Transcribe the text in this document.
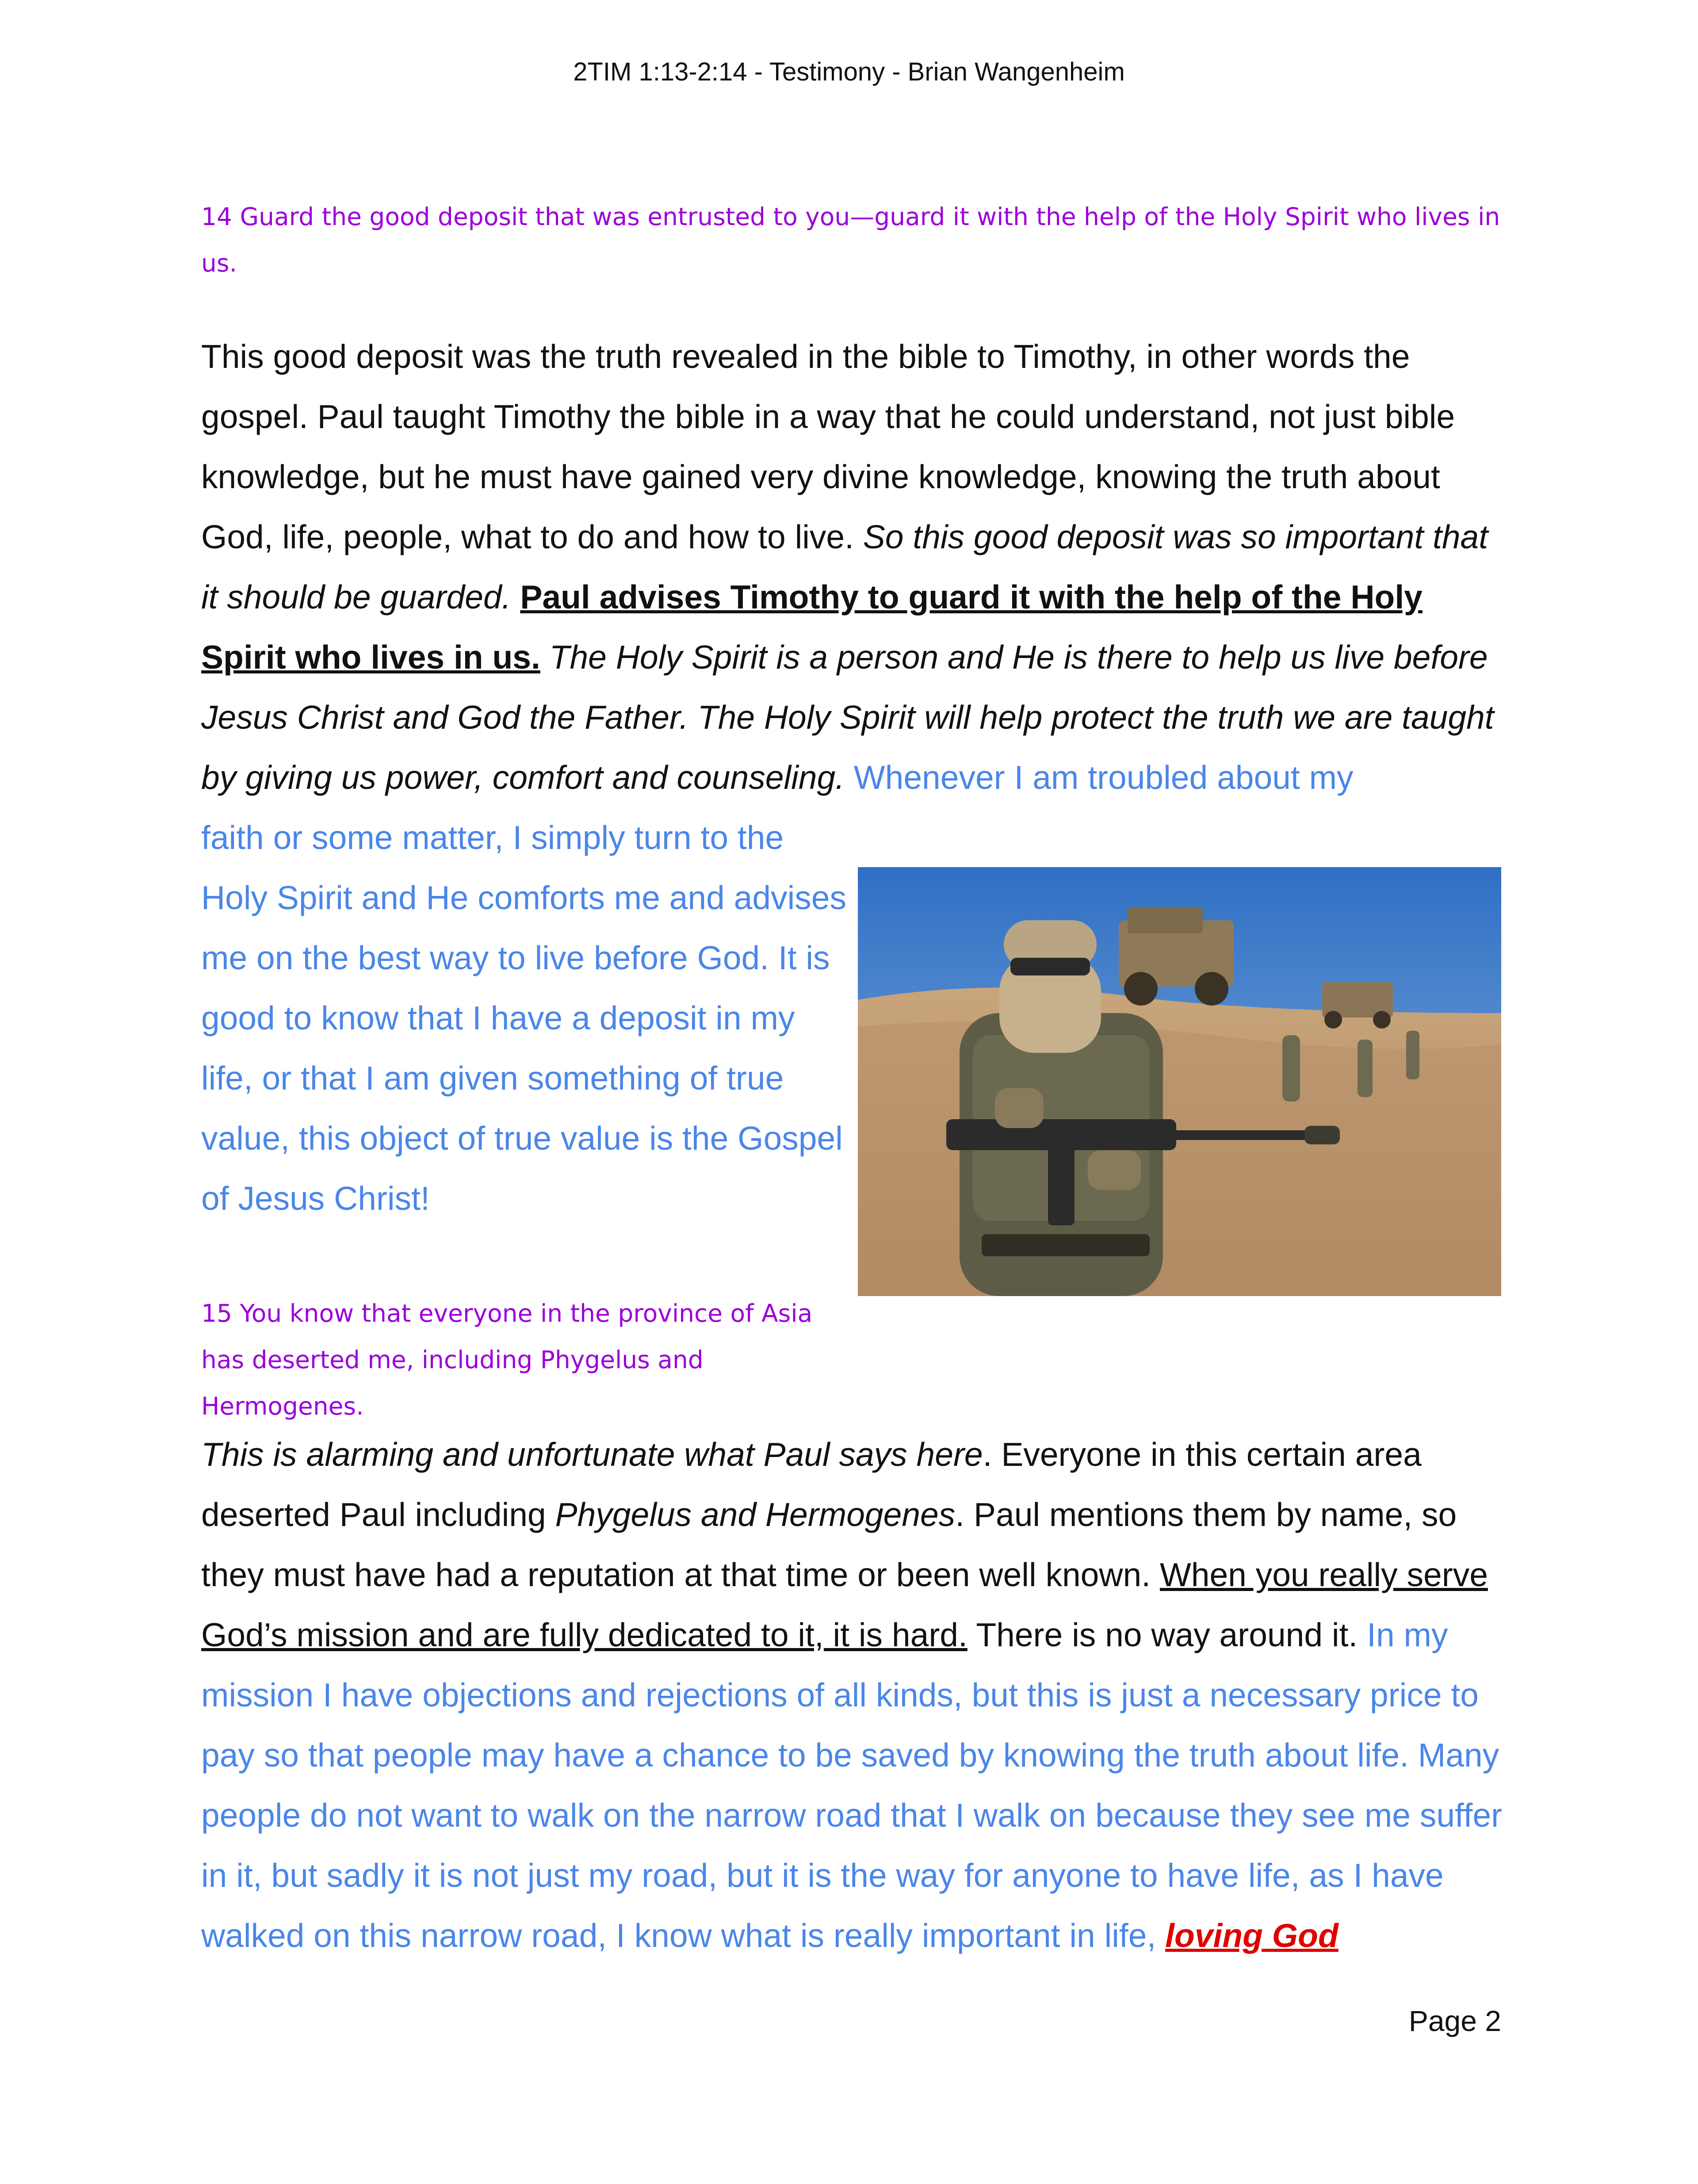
2TIM 1:13-2:14 - Testimony - Brian Wangenheim
14 Guard the good deposit that was entrusted to you—guard it with the help of the Holy Spirit who lives in us.

This good deposit was the truth revealed in the bible to Timothy, in other words the gospel. Paul taught Timothy the bible in a way that he could understand, not just bible knowledge, but he must have gained very divine knowledge, knowing the truth about God, life, people, what to do and how to live. So this good deposit was so important that it should be guarded. Paul advises Timothy to guard it with the help of the Holy Spirit who lives in us. The Holy Spirit is a person and He is there to help us live before Jesus Christ and God the Father. The Holy Spirit will help protect the truth we are taught by giving us power, comfort and counseling. Whenever I am troubled about my

faith or some matter, I simply turn to the Holy Spirit and He comforts me and advises me on the best way to live before God. It is good to know that I have a deposit in my life, or that I am given something of true value, this object of true value is the Gospel of Jesus Christ!

15 You know that everyone in the province of Asia has deserted me, including Phygelus and Hermogenes.

This is alarming and unfortunate what Paul says here. Everyone in this certain area deserted Paul including Phygelus and Hermogenes. Paul mentions them by name, so they must have had a reputation at that time or been well known. When you really serve God’s mission and are fully dedicated to it, it is hard. There is no way around it. In my mission I have objections and rejections of all kinds, but this is just a necessary price to pay so that people may have a chance to be saved by knowing the truth about life. Many people do not want to walk on the narrow road that I walk on because they see me suffer in it, but sadly it is not just my road, but it is the way for anyone to have life, as I have walked on this narrow road, I know what is really important in life, loving God

Page 2
